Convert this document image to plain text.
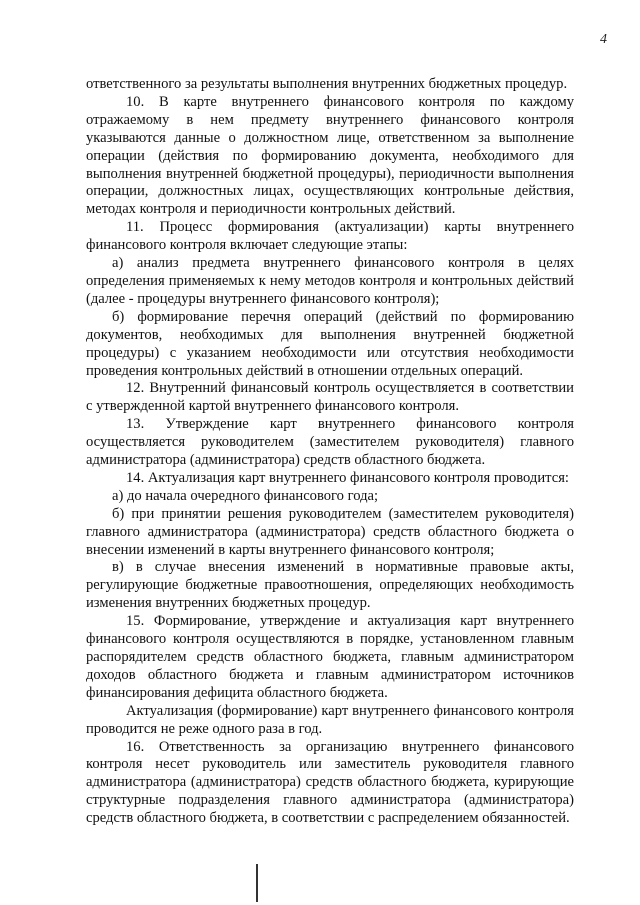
4

ответственного за результаты выполнения внутренних бюджетных процедур.

10. В карте внутреннего финансового контроля по каждому отражаемому в нем предмету внутреннего финансового контроля указываются данные о должностном лице, ответственном за выполнение операции (действия по формированию документа, необходимого для выполнения внутренней бюджетной процедуры), периодичности выполнения операции, должностных лицах, осуществляющих контрольные действия, методах контроля и периодичности контрольных действий.

11. Процесс формирования (актуализации) карты внутреннего финансового контроля включает следующие этапы:

а) анализ предмета внутреннего финансового контроля в целях определения применяемых к нему методов контроля и контрольных действий (далее - процедуры внутреннего финансового контроля);

б) формирование перечня операций (действий по формированию документов, необходимых для выполнения внутренней бюджетной процедуры) с указанием необходимости или отсутствия необходимости проведения контрольных действий в отношении отдельных операций.

12. Внутренний финансовый контроль осуществляется в соответствии с утвержденной картой внутреннего финансового контроля.

13. Утверждение карт внутреннего финансового контроля осуществляется руководителем (заместителем руководителя) главного администратора (администратора) средств областного бюджета.

14. Актуализация карт внутреннего финансового контроля проводится:

а) до начала очередного финансового года;

б) при принятии решения руководителем (заместителем руководителя) главного администратора (администратора) средств областного бюджета о внесении изменений в карты внутреннего финансового контроля;

в) в случае внесения изменений в нормативные правовые акты, регулирующие бюджетные правоотношения, определяющих необходимость изменения внутренних бюджетных процедур.

15. Формирование, утверждение и актуализация карт внутреннего финансового контроля осуществляются в порядке, установленном главным распорядителем средств областного бюджета, главным администратором доходов областного бюджета и главным администратором источников финансирования дефицита областного бюджета.

Актуализация (формирование) карт внутреннего финансового контроля проводится не реже одного раза в год.

16. Ответственность за организацию внутреннего финансового контроля несет руководитель или заместитель руководителя главного администратора (администратора) средств областного бюджета, курирующие структурные подразделения главного администратора (администратора) средств областного бюджета, в соответствии с распределением обязанностей.
